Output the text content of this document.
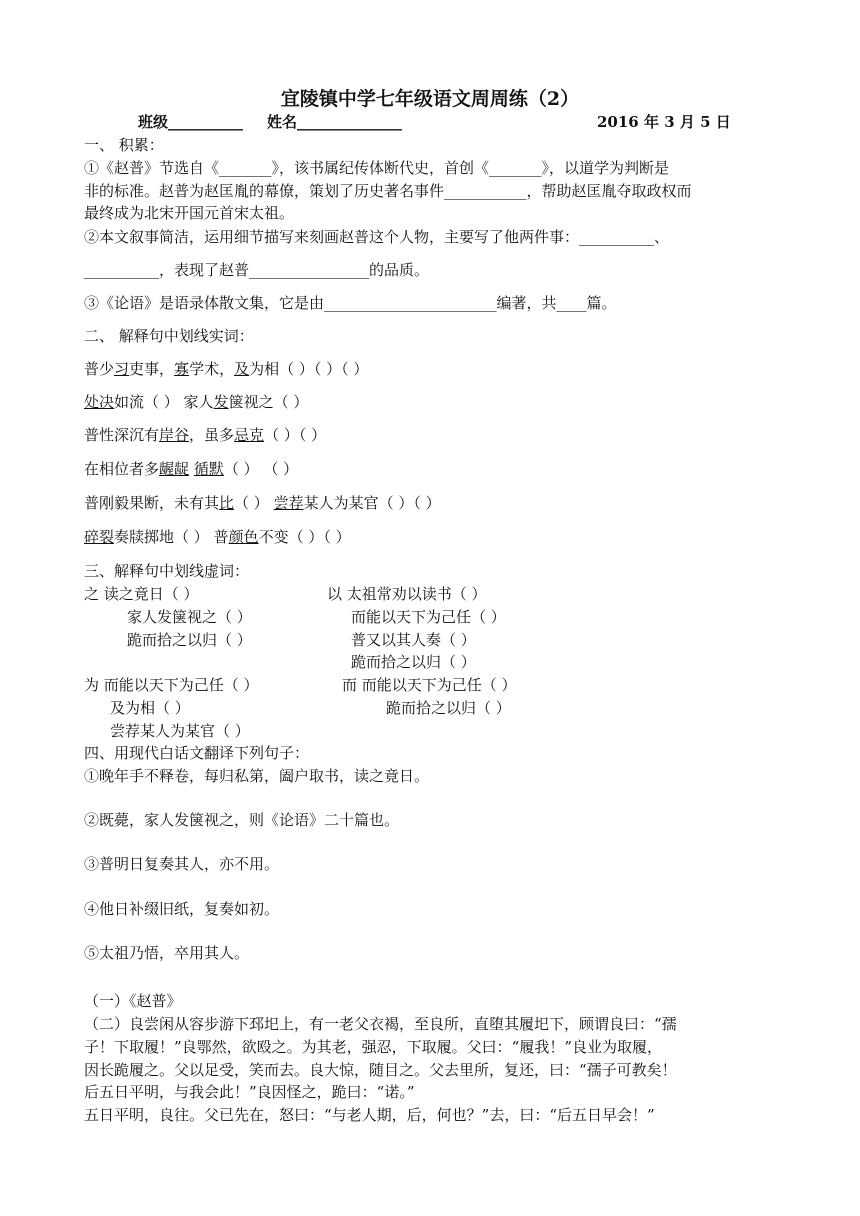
宜陵镇中学七年级语文周周练（2）
班级__________ 姓名______________	2016 年 3 月 5 日
一、 积累：
①《赵普》节选自《_______》，该书属纪传体断代史，首创《_______》，以道学为判断是
非的标准。赵普为赵匡胤的幕僚，策划了历史著名事件___________，帮助赵匡胤夺取政权而
最终成为北宋开国元首宋太祖。
②本文叙事简洁，运用细节描写来刻画赵普这个人物，主要写了他两件事：__________、
__________，表现了赵普________________的品质。
③《论语》是语录体散文集，它是由_______________________编著，共____篇。
二、 解释句中划线实词：
普少习吏事，寡学术，及为相（ ）（ ）（ ）
处决如流（ ） 家人发箧视之（ ）
普性深沉有岸谷，虽多忌克（ ）（ ）
在相位者多龌龊 循默（ ） （ ）
普刚毅果断，未有其比（ ） 尝荐某人为某官（ ）（ ）
碎裂奏牍掷地（ ） 普颜色不变（ ）（ ）
三、解释句中划线虚词：
之 读之竟日（ ）	以 太祖常劝以读书（ ）
家人发箧视之（ ）	而能以天下为己任（ ）
跪而拾之以归（ ）	普又以其人奏（ ）
跪而拾之以归（ ）
为 而能以天下为己任（ ）	而 而能以天下为己任（ ）
及为相（ ）	跪而拾之以归（ ）
尝荐某人为某官（ ）
四、用现代白话文翻译下列句子：
①晚年手不释卷，每归私第，阖户取书，读之竟日。
②既薨，家人发箧视之，则《论语》二十篇也。
③普明日复奏其人，亦不用。
④他日补缀旧纸，复奏如初。
⑤太祖乃悟，卒用其人。
（一）《赵普》
（二）良尝闲从容步游下邳圯上，有一老父衣褐，至良所，直堕其履圯下，顾谓良曰：“孺
子！下取履！”良鄂然，欲殴之。为其老，强忍，下取履。父曰：“履我！”良业为取履，
因长跪履之。父以足受，笑而去。良大惊，随目之。父去里所，复还，曰：“孺子可教矣！
后五日平明，与我会此！”良因怪之，跪曰：“诺。”
五日平明，良往。父已先在，怒曰：“与老人期，后，何也？”去，曰：“后五日早会！”
